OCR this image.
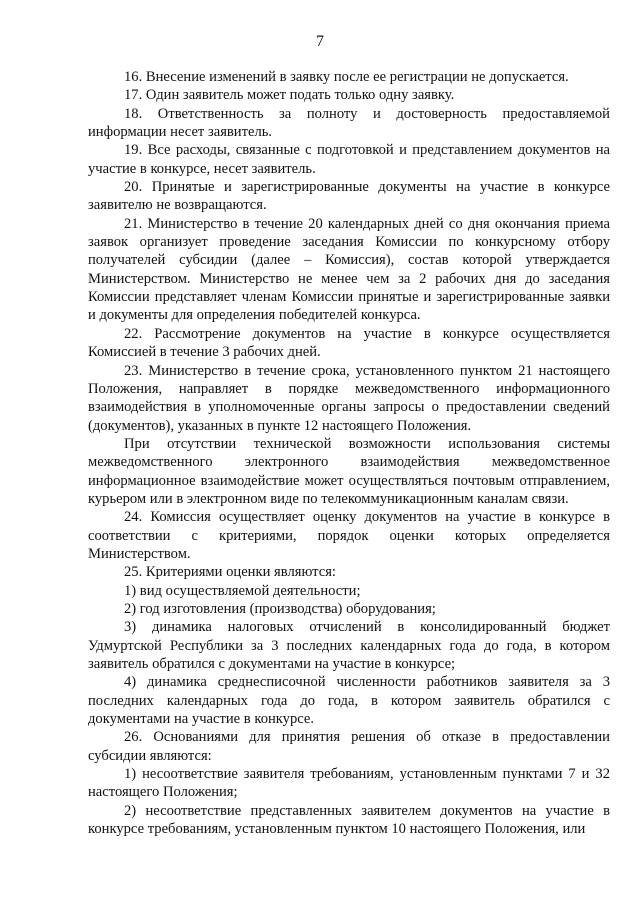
7

16. Внесение изменений в заявку после ее регистрации не допускается.

17. Один заявитель может подать только одну заявку.

18. Ответственность за полноту и достоверность предоставляемой информации несет заявитель.

19. Все расходы, связанные с подготовкой и представлением документов на участие в конкурсе, несет заявитель.

20. Принятые и зарегистрированные документы на участие в конкурсе заявителю не возвращаются.

21. Министерство в течение 20 календарных дней со дня окончания приема заявок организует проведение заседания Комиссии по конкурсному отбору получателей субсидии (далее – Комиссия), состав которой утверждается Министерством. Министерство не менее чем за 2 рабочих дня до заседания Комиссии представляет членам Комиссии принятые и зарегистрированные заявки и документы для определения победителей конкурса.

22. Рассмотрение документов на участие в конкурсе осуществляется Комиссией в течение 3 рабочих дней.

23. Министерство в течение срока, установленного пунктом 21 настоящего Положения, направляет в порядке межведомственного информационного взаимодействия в уполномоченные органы запросы о предоставлении сведений (документов), указанных в пункте 12 настоящего Положения.

При отсутствии технической возможности использования системы межведомственного электронного взаимодействия межведомственное информационное взаимодействие может осуществляться почтовым отправлением, курьером или в электронном виде по телекоммуникационным каналам связи.

24. Комиссия осуществляет оценку документов на участие в конкурсе в соответствии с критериями, порядок оценки которых определяется Министерством.

25. Критериями оценки являются:

1) вид осуществляемой деятельности;

2) год изготовления (производства) оборудования;

3) динамика налоговых отчислений в консолидированный бюджет Удмуртской Республики за 3 последних календарных года до года, в котором заявитель обратился с документами на участие в конкурсе;

4) динамика среднесписочной численности работников заявителя за 3 последних календарных года до года, в котором заявитель обратился с документами на участие в конкурсе.

26. Основаниями для принятия решения об отказе в предоставлении субсидии являются:

1) несоответствие заявителя требованиям, установленным пунктами 7 и 32 настоящего Положения;

2) несоответствие представленных заявителем документов на участие в конкурсе требованиям, установленным пунктом 10 настоящего Положения, или
